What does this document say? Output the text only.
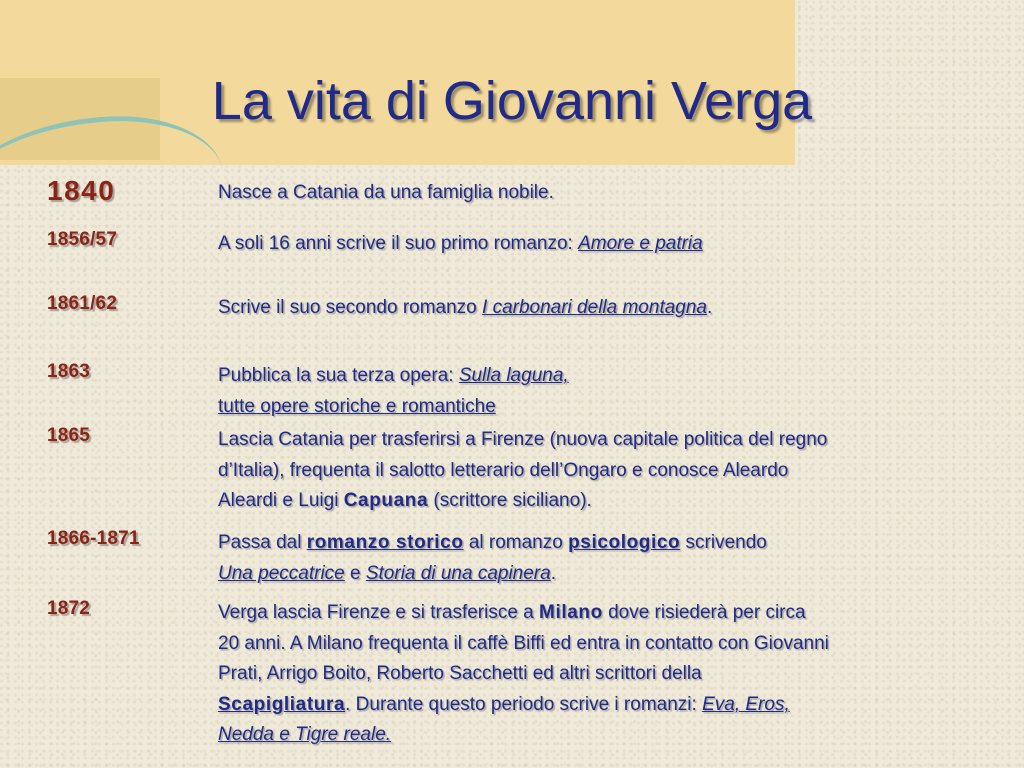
La vita di Giovanni Verga
1840	Nasce a Catania da una famiglia nobile.
1856/57	A soli 16 anni scrive il suo primo romanzo: Amore e patria
1861/62	Scrive il suo secondo romanzo I carbonari della montagna.
1863	Pubblica la sua terza opera: Sulla laguna,
tutte opere storiche e romantiche
1865	Lascia Catania per trasferirsi a Firenze (nuova capitale politica del regno
d’Italia), frequenta il salotto letterario dell’Ongaro e conosce Aleardo
Aleardi e Luigi Capuana (scrittore siciliano).
1866-1871	Passa dal romanzo storico al romanzo psicologico scrivendo
Una peccatrice e Storia di una capinera.
1872	Verga lascia Firenze e si trasferisce a Milano dove risiederà per circa
20 anni. A Milano frequenta il caffè Biffi ed entra in contatto con Giovanni
Prati, Arrigo Boito, Roberto Sacchetti ed altri scrittori della
Scapigliatura. Durante questo periodo scrive i romanzi: Eva, Eros,
Nedda e Tigre reale.
